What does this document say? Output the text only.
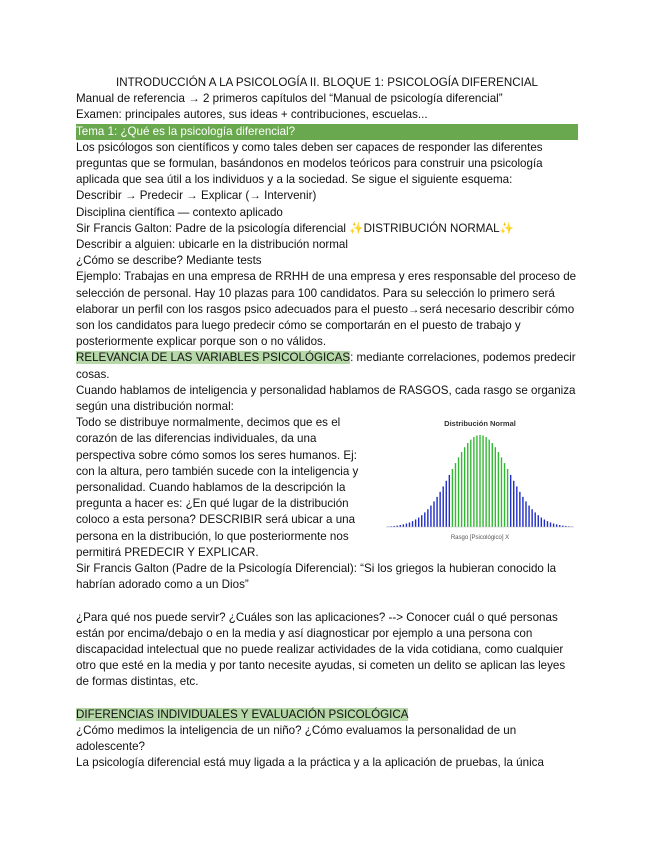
INTRODUCCIÓN A LA PSICOLOGÍA II. BLOQUE 1: PSICOLOGÍA DIFERENCIAL

Manual de referencia → 2 primeros capítulos del “Manual de psicología diferencial”

Examen: principales autores, sus ideas + contribuciones, escuelas...

Tema 1: ¿Qué es la psicología diferencial?

Los psicólogos son científicos y como tales deben ser capaces de responder las diferentes preguntas que se formulan, basándonos en modelos teóricos para construir una psicología aplicada que sea útil a los individuos y a la sociedad. Se sigue el siguiente esquema:

Describir → Predecir → Explicar (→ Intervenir)

Disciplina científica — contexto aplicado

Sir Francis Galton: Padre de la psicología diferencial ✨DISTRIBUCIÓN NORMAL✨

Describir a alguien: ubicarle en la distribución normal

¿Cómo se describe? Mediante tests

Ejemplo: Trabajas en una empresa de RRHH de una empresa y eres responsable del proceso de selección de personal. Hay 10 plazas para 100 candidatos. Para su selección lo primero será elaborar un perfil con los rasgos psico adecuados para el puesto→será necesario describir cómo son los candidatos para luego predecir cómo se comportarán en el puesto de trabajo y posteriormente explicar porque son o no válidos.

RELEVANCIA DE LAS VARIABLES PSICOLÓGICAS: mediante correlaciones, podemos predecir cosas.

Cuando hablamos de inteligencia y personalidad hablamos de RASGOS, cada rasgo se organiza según una distribución normal:

Distribución Normal
Rasgo [Psicológico] X

Todo se distribuye normalmente, decimos que es el corazón de las diferencias individuales, da una perspectiva sobre cómo somos los seres humanos. Ej: con la altura, pero también sucede con la inteligencia y personalidad. Cuando hablamos de la descripción la pregunta a hacer es: ¿En qué lugar de la distribución coloco a esta persona? DESCRIBIR será ubicar a una persona en la distribución, lo que posteriormente nos permitirá PREDECIR Y EXPLICAR.

Sir Francis Galton (Padre de la Psicología Diferencial): “Si los griegos la hubieran conocido la habrían adorado como a un Dios”

¿Para qué nos puede servir? ¿Cuáles son las aplicaciones? --> Conocer cuál o qué personas están por encima/debajo o en la media y así diagnosticar por ejemplo a una persona con discapacidad intelectual que no puede realizar actividades de la vida cotidiana, como cualquier otro que esté en la media y por tanto necesite ayudas, si cometen un delito se aplican las leyes de formas distintas, etc.

DIFERENCIAS INDIVIDUALES Y EVALUACIÓN PSICOLÓGICA

¿Cómo medimos la inteligencia de un niño? ¿Cómo evaluamos la personalidad de un adolescente?

La psicología diferencial está muy ligada a la práctica y a la aplicación de pruebas, la única
